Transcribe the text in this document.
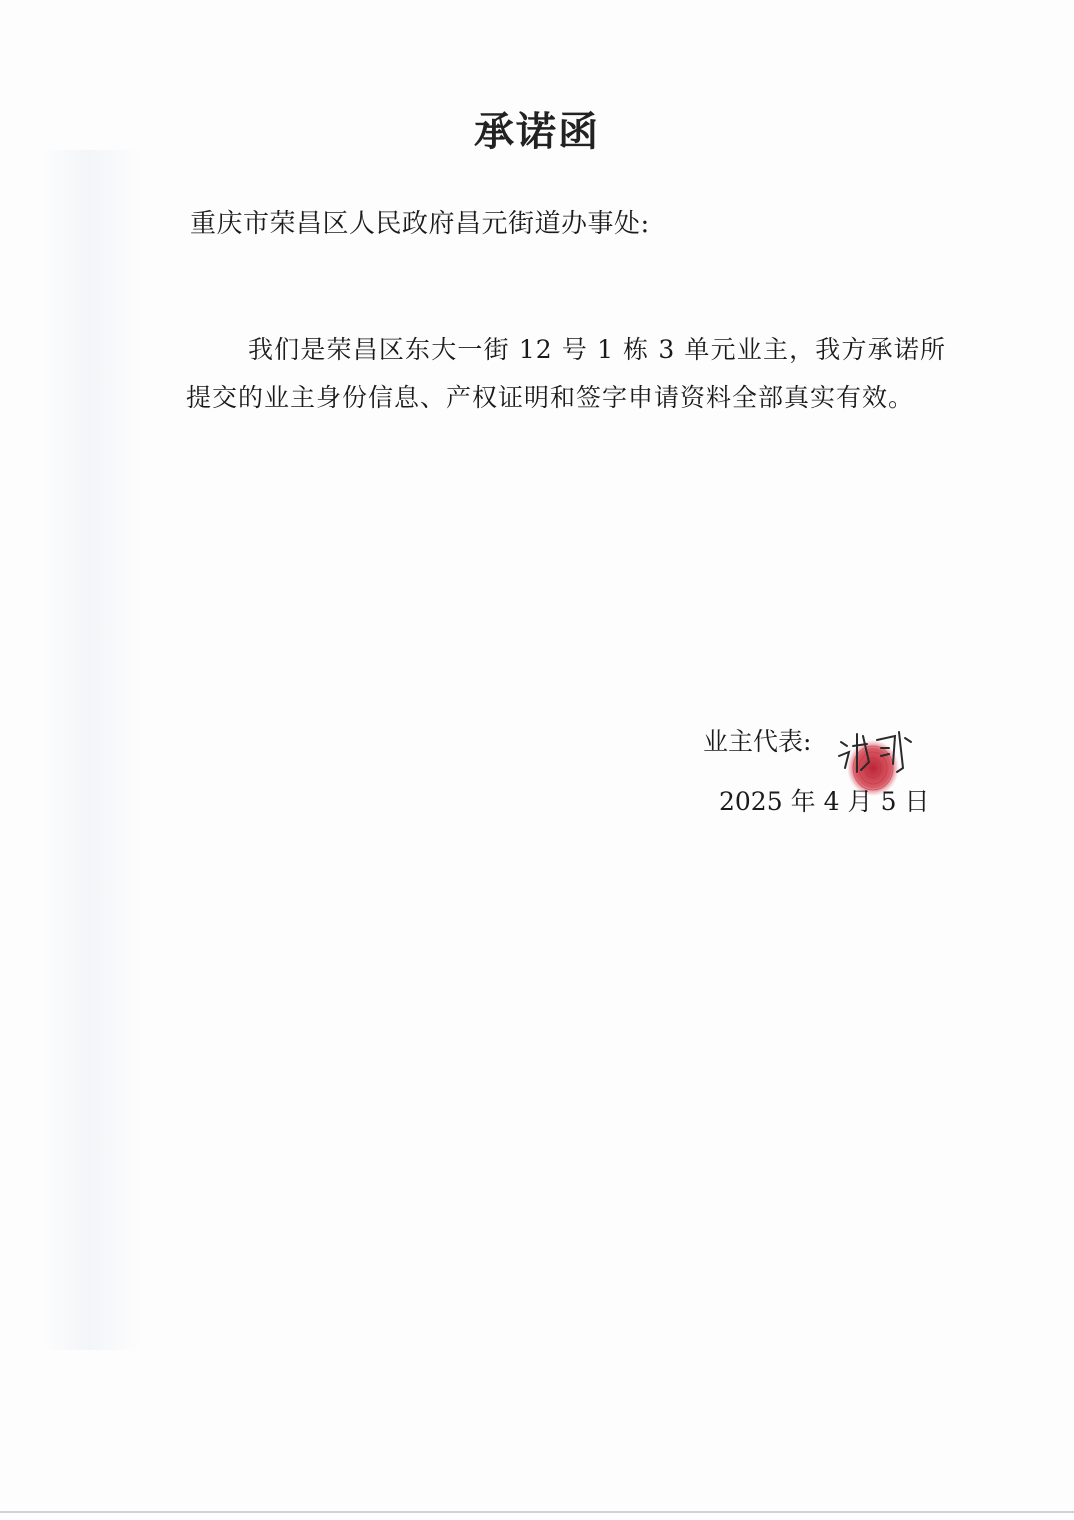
承诺函
重庆市荣昌区人民政府昌元街道办事处:
我们是荣昌区东大一街 12 号 1 栋 3 单元业主，我方承诺所提交的业主身份信息、产权证明和签字申请资料全部真实有效。
业主代表:
2025 年 4 月 5 日
